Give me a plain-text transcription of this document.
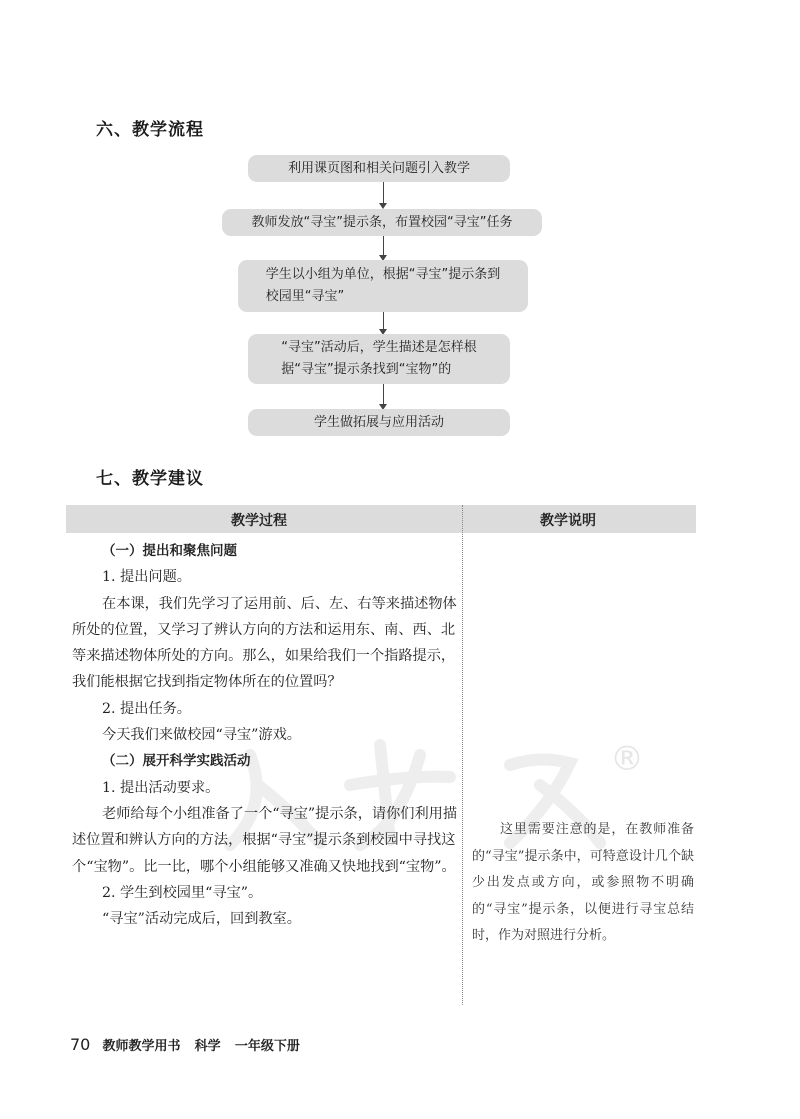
六、教学流程
利用课页图和相关问题引入教学
教师发放“寻宝”提示条，布置校园“寻宝”任务
学生以小组为单位，根据“寻宝”提示条到
校园里“寻宝”
“寻宝”活动后，学生描述是怎样根
据“寻宝”提示条找到“宝物”的
学生做拓展与应用活动
七、教学建议
教学过程	教学说明
®

（一）提出和聚焦问题

1. 提出问题。

在本课，我们先学习了运用前、后、左、右等来描述物体所处的位置，又学习了辨认方向的方法和运用东、南、西、北等来描述物体所处的方向。那么，如果给我们一个指路提示，我们能根据它找到指定物体所在的位置吗？

2. 提出任务。

今天我们来做校园“寻宝”游戏。

（二）展开科学实践活动

1. 提出活动要求。

老师给每个小组准备了一个“寻宝”提示条，请你们利用描述位置和辨认方向的方法，根据“寻宝”提示条到校园中寻找这个“宝物”。比一比，哪个小组能够又准确又快地找到“宝物”。

2. 学生到校园里“寻宝”。

“寻宝”活动完成后，回到教室。

这里需要注意的是，在教师准备的“寻宝”提示条中，可特意设计几个缺少出发点或方向，或参照物不明确的“寻宝”提示条，以便进行寻宝总结时，作为对照进行分析。
70 教师教学用书 科学 一年级下册
